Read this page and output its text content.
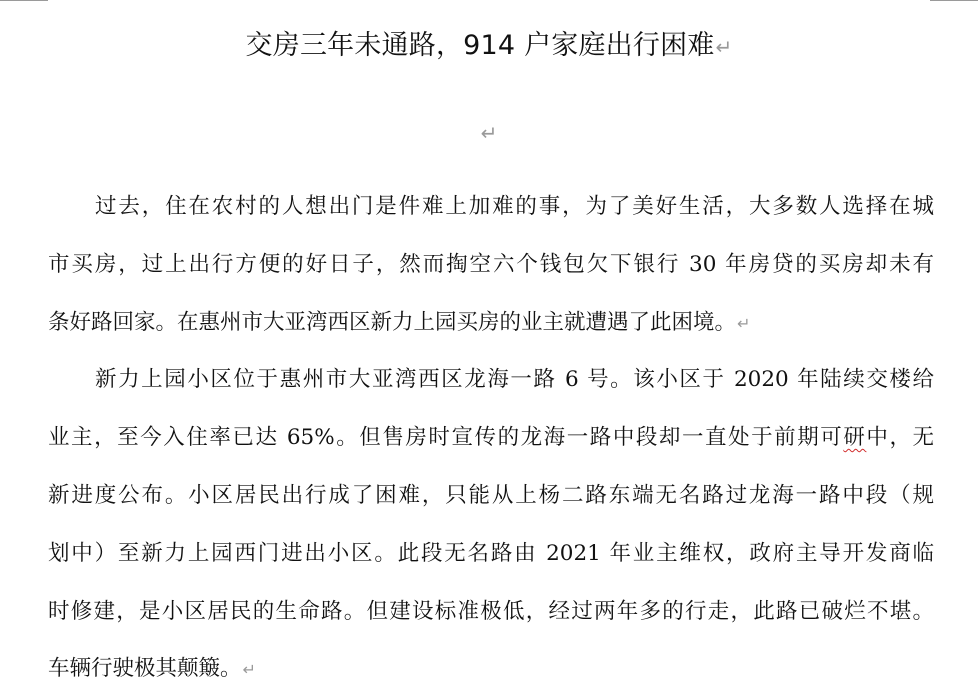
交房三年未通路，914 户家庭出行困难↵
↵
过去，住在农村的人想出门是件难上加难的事，为了美好生活，大多数人选择在城
市买房，过上出行方便的好日子，然而掏空六个钱包欠下银行 30 年房贷的买房却未有
条好路回家。在惠州市大亚湾西区新力上园买房的业主就遭遇了此困境。↵
新力上园小区位于惠州市大亚湾西区龙海一路 6 号。该小区于 2020 年陆续交楼给
业主，至今入住率已达 65%。但售房时宣传的龙海一路中段却一直处于前期可研中，无
新进度公布。小区居民出行成了困难，只能从上杨二路东端无名路过龙海一路中段（规
划中）至新力上园西门进出小区。此段无名路由 2021 年业主维权，政府主导开发商临
时修建，是小区居民的生命路。但建设标准极低，经过两年多的行走，此路已破烂不堪。
车辆行驶极其颠簸。↵
